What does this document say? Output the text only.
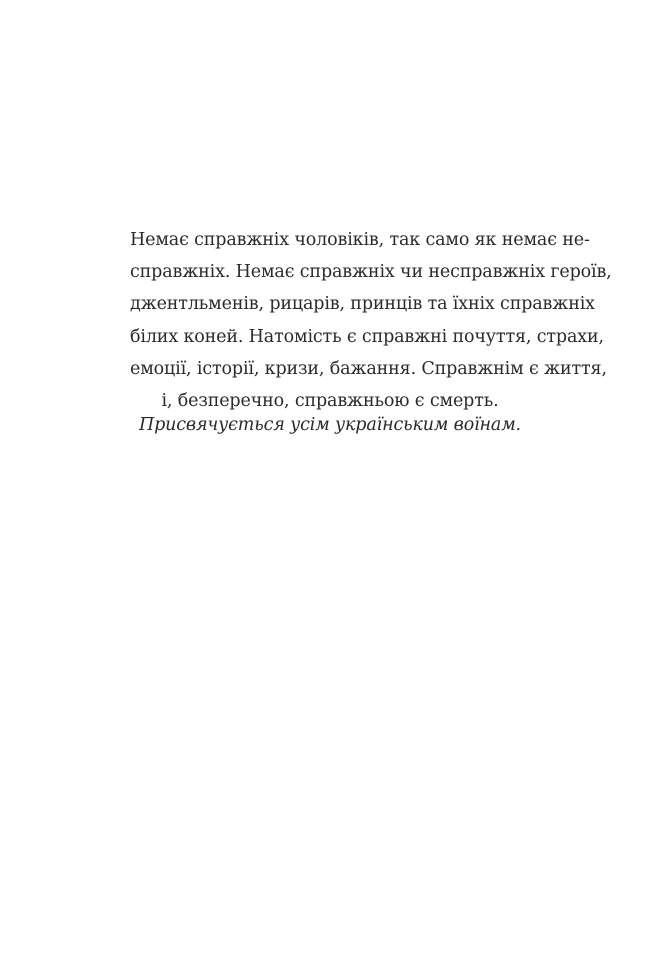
Немає справжніх чоловіків, так само як немає не-
справжніх. Немає справжніх чи несправжніх героїв,
джентльменів, рицарів, принців та їхніх справжніх
білих коней. Натомість є справжні почуття, страхи,
емоції, історії, кризи, бажання. Справжнім є життя,
і, безперечно, справжньою є смерть.
Присвячується усім українським воїнам.
